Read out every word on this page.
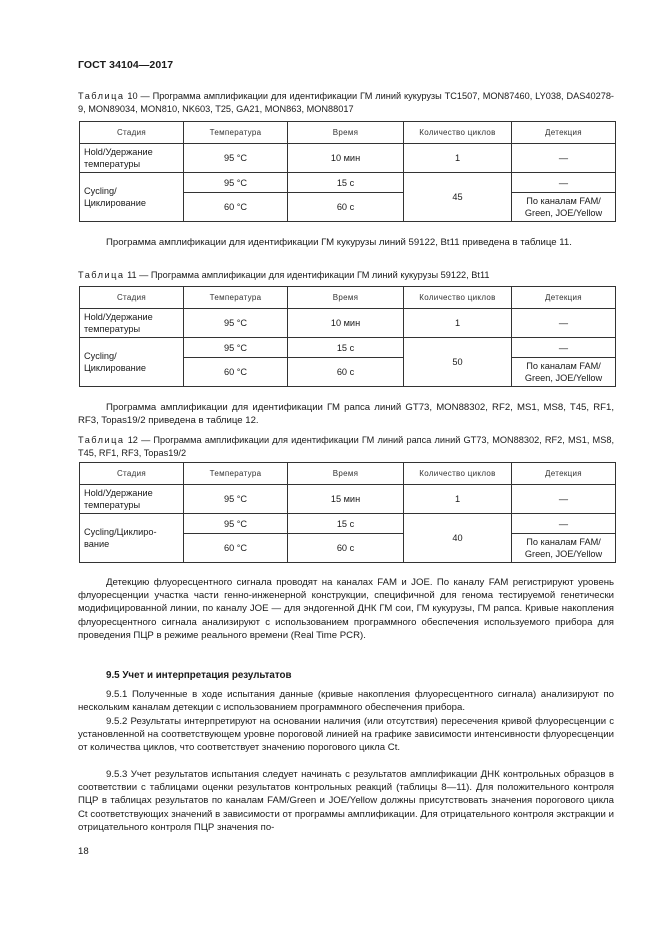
ГОСТ 34104—2017
Таблица 10 — Программа амплификации для идентификации ГМ линий кукурузы TC1507, MON87460, LY038, DAS40278-9, MON89034, MON810, NK603, T25, GA21, MON863, MON88017
Стадия	Температура	Время	Количество циклов	Детекция
Hold/Удержание температуры	95 °C	10 мин	1	—
Cycling/ Циклирование	95 °C	15 с	45	—
	60 °C	60 с		По каналам FAM/ Green, JOE/Yellow
Программа амплификации для идентификации ГМ кукурузы линий 59122, Bt11 приведена в таблице 11.
Таблица 11 — Программа амплификации для идентификации ГМ линий кукурузы 59122, Bt11
Стадия	Температура	Время	Количество циклов	Детекция
Hold/Удержание температуры	95 °C	10 мин	1	—
Cycling/ Циклирование	95 °C	15 с	50	—
	60 °C	60 с		По каналам FAM/ Green, JOE/Yellow
Программа амплификации для идентификации ГМ рапса линий GT73, MON88302, RF2, MS1, MS8, T45, RF1, RF3, Topas19/2 приведена в таблице 12.
Таблица 12 — Программа амплификации для идентификации ГМ линий рапса линий GT73, MON88302, RF2, MS1, MS8, T45, RF1, RF3, Topas19/2
Стадия	Температура	Время	Количество циклов	Детекция
Hold/Удержание температуры	95 °C	15 мин	1	—
Cycling/Циклиро- вание	95 °C	15 с	40	—
	60 °C	60 с		По каналам FAM/ Green, JOE/Yellow
Детекцию флуоресцентного сигнала проводят на каналах FAM и JOE. По каналу FAM регистрируют уровень флуоресценции участка части генно-инженерной конструкции, специфичной для генома тестируемой генетически модифицированной линии, по каналу JOE — для эндогенной ДНК ГМ сои, ГМ кукурузы, ГМ рапса. Кривые накопления флуоресцентного сигнала анализируют с использованием программного обеспечения используемого прибора для проведения ПЦР в режиме реального времени (Real Time PCR).
9.5 Учет и интерпретация результатов
9.5.1 Полученные в ходе испытания данные (кривые накопления флуоресцентного сигнала) анализируют по нескольким каналам детекции с использованием программного обеспечения прибора.
9.5.2 Результаты интерпретируют на основании наличия (или отсутствия) пересечения кривой флуоресценции с установленной на соответствующем уровне пороговой линией на графике зависимости интенсивности флуоресценции от количества циклов, что соответствует значению порогового цикла Ct.
9.5.3 Учет результатов испытания следует начинать с результатов амплификации ДНК контрольных образцов в соответствии с таблицами оценки результатов контрольных реакций (таблицы 8—11). Для положительного контроля ПЦР в таблицах результатов по каналам FAM/Green и JOE/Yellow должны присутствовать значения порогового цикла Ct соответствующих значений в зависимости от программы амплификации. Для отрицательного контроля экстракции и отрицательного контроля ПЦР значения по-
18
